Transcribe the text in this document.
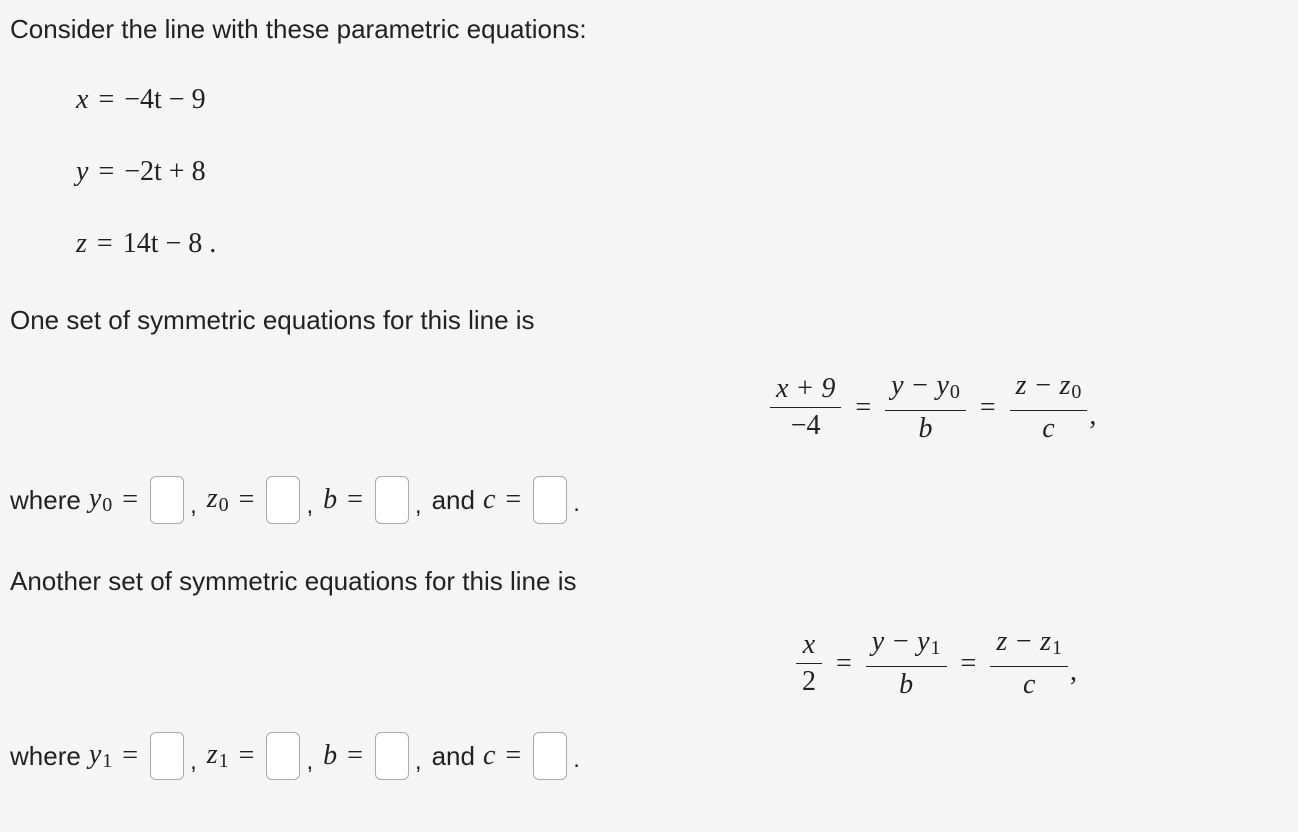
Consider the line with these parametric equations:
x = −4t − 9
y = −2t + 8
z = 14t − 8 .
One set of symmetric equations for this line is
$\frac{x + 9}{-4} = \frac{y - y_0}{b} = \frac{z - z_0}{c}$ ,
where $y_0$ = , $z_0$ = , b = , and c = .
Another set of symmetric equations for this line is
$\frac{x}{2} = \frac{y - y_1}{b} = \frac{z - z_1}{c}$ ,
where $y_1$ = , $z_1$ = , b = , and c = .
